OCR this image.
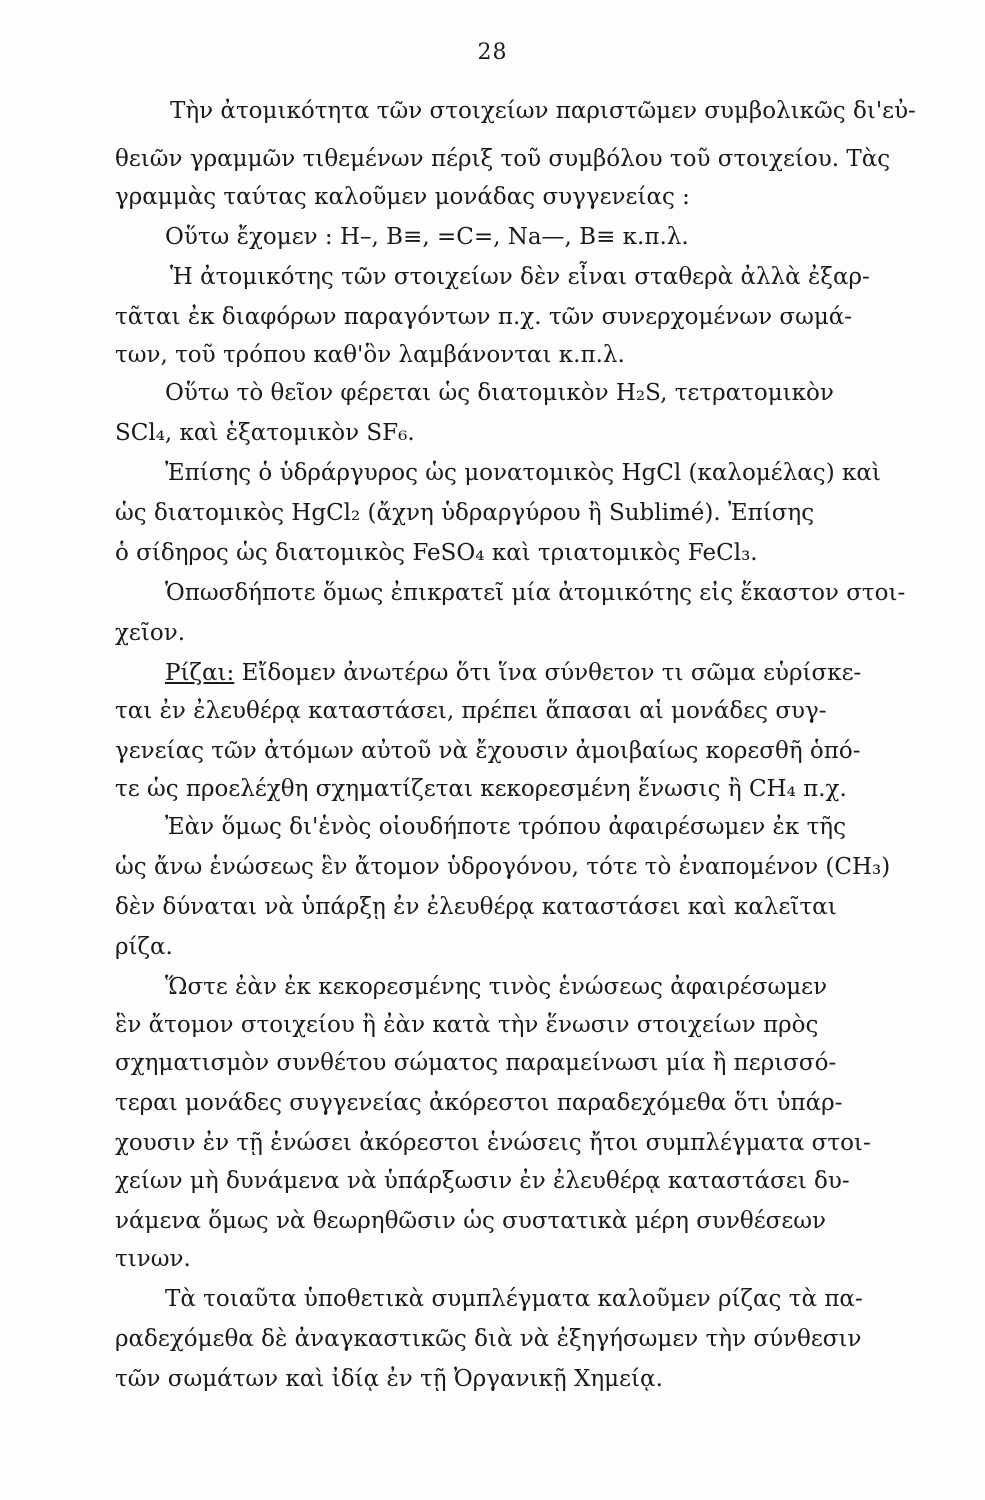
28
Τὴν ἀτομικότητα τῶν στοιχείων παριστῶμεν συμβολικῶς δι'εὐ-
θειῶν γραμμῶν τιθεμένων πέριξ τοῦ συμβόλου τοῦ στοιχείου. Τὰς
γραμμὰς ταύτας καλοῦμεν μονάδας συγγενείας :
Οὕτω ἔχομεν : H–, B≡, =C=, Na—, B≡ κ.π.λ.
Ἡ ἀτομικότης τῶν στοιχείων δὲν εἶναι σταθερὰ ἀλλὰ ἐξαρ-
τᾶται ἐκ διαφόρων παραγόντων π.χ. τῶν συνερχομένων σωμά-
των, τοῦ τρόπου καθ'ὃν λαμβάνονται κ.π.λ.
Οὕτω τὸ θεῖον φέρεται ὡς διατομικὸν H₂S, τετρατομικὸν
SCl₄, καὶ ἑξατομικὸν SF₆.
Ἐπίσης ὁ ὑδράργυρος ὡς μονατομικὸς HgCl (καλομέλας) καὶ
ὡς διατομικὸς HgCl₂ (ἄχνη ὑδραργύρου ἢ Sublimé). Ἐπίσης
ὁ σίδηρος ὡς διατομικὸς FeSO₄ καὶ τριατομικὸς FeCl₃.
Ὁπωσδήποτε ὅμως ἐπικρατεῖ μία ἀτομικότης εἰς ἕκαστον στοι-
χεῖον.
Ρίζαι: Εἴδομεν ἀνωτέρω ὅτι ἵνα σύνθετον τι σῶμα εὑρίσκε-
ται ἐν ἐλευθέρᾳ καταστάσει, πρέπει ἅπασαι αἱ μονάδες συγ-
γενείας τῶν ἀτόμων αὐτοῦ νὰ ἔχουσιν ἀμοιβαίως κορεσθῆ ὁπό-
τε ὡς προελέχθη σχηματίζεται κεκορεσμένη ἕνωσις ἢ CH₄ π.χ.
Ἐὰν ὅμως δι'ἑνὸς οἱουδήποτε τρόπου ἀφαιρέσωμεν ἐκ τῆς
ὡς ἄνω ἑνώσεως ἓν ἄτομον ὑδρογόνου, τότε τὸ ἐναπομένον (CH₃)
δὲν δύναται νὰ ὑπάρξῃ ἐν ἐλευθέρᾳ καταστάσει καὶ καλεῖται
ρίζα.
Ὥστε ἐὰν ἐκ κεκορεσμένης τινὸς ἑνώσεως ἀφαιρέσωμεν
ἓν ἄτομον στοιχείου ἢ ἐὰν κατὰ τὴν ἕνωσιν στοιχείων πρὸς
σχηματισμὸν συνθέτου σώματος παραμείνωσι μία ἢ περισσό-
τεραι μονάδες συγγενείας ἀκόρεστοι παραδεχόμεθα ὅτι ὑπάρ-
χουσιν ἐν τῇ ἑνώσει ἀκόρεστοι ἑνώσεις ἤτοι συμπλέγματα στοι-
χείων μὴ δυνάμενα νὰ ὑπάρξωσιν ἐν ἐλευθέρᾳ καταστάσει δυ-
νάμενα ὅμως νὰ θεωρηθῶσιν ὡς συστατικὰ μέρη συνθέσεων
τινων.
Τὰ τοιαῦτα ὑποθετικὰ συμπλέγματα καλοῦμεν ρίζας τὰ πα-
ραδεχόμεθα δὲ ἀναγκαστικῶς διὰ νὰ ἐξηγήσωμεν τὴν σύνθεσιν
τῶν σωμάτων καὶ ἰδίᾳ ἐν τῇ Ὀργανικῇ Χημείᾳ.
